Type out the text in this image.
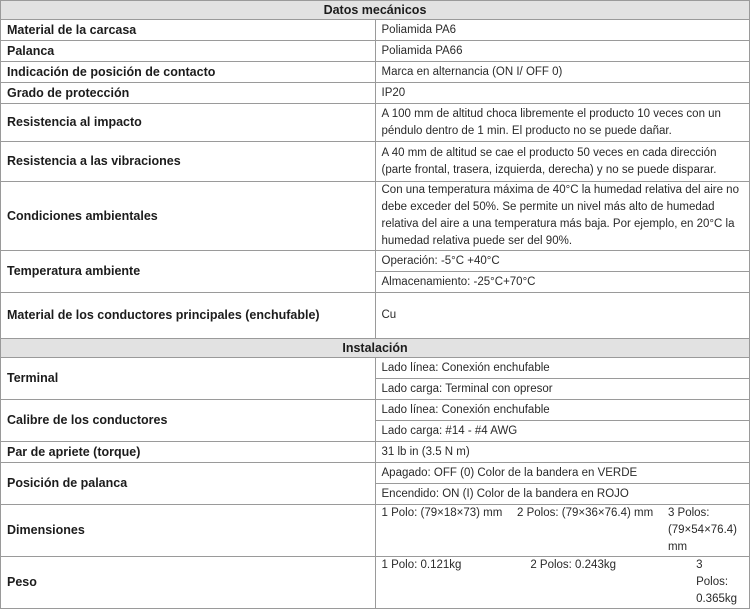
Datos mecánicos	
Material de la carcasa	Poliamida PA6
Palanca	Poliamida PA66
Indicación de posición de contacto	Marca en alternancia (ON I/ OFF 0)
Grado de protección	IP20
Resistencia al impacto	A 100 mm de altitud choca libremente el producto 10 veces con un péndulo dentro de 1 min. El producto no se puede dañar.
Resistencia a las vibraciones	A 40 mm de altitud se cae el producto 50 veces en cada dirección (parte frontal, trasera, izquierda, derecha) y no se puede disparar.
Condiciones ambientales	Con una temperatura máxima de 40°C la humedad relativa del aire no debe exceder del 50%. Se permite un nivel más alto de humedad relativa del aire a una temperatura más baja. Por ejemplo, en 20°C la humedad relativa puede ser del 90%.
Temperatura ambiente	Operación: -5°C +40°C
	Almacenamiento: -25°C+70°C
Material de los conductores principales (enchufable)	Cu
Instalación	
Terminal	Lado línea: Conexión enchufable
	Lado carga: Terminal con opresor
Calibre de los conductores	Lado línea: Conexión enchufable
	Lado carga: #14 - #4 AWG
Par de apriete (torque)	31 lb in (3.5 N m)
Posición de palanca	Apagado: OFF (0) Color de la bandera en VERDE
	Encendido: ON (I) Color de la bandera en ROJO
Dimensiones	1 Polo: (79×18×73) mm 2 Polos: (79×36×76.4) mm 3 Polos: (79×54×76.4) mm

Peso	1 Polo: 0.121kg 2 Polos: 0.243kg 3 Polos: 0.365kg
